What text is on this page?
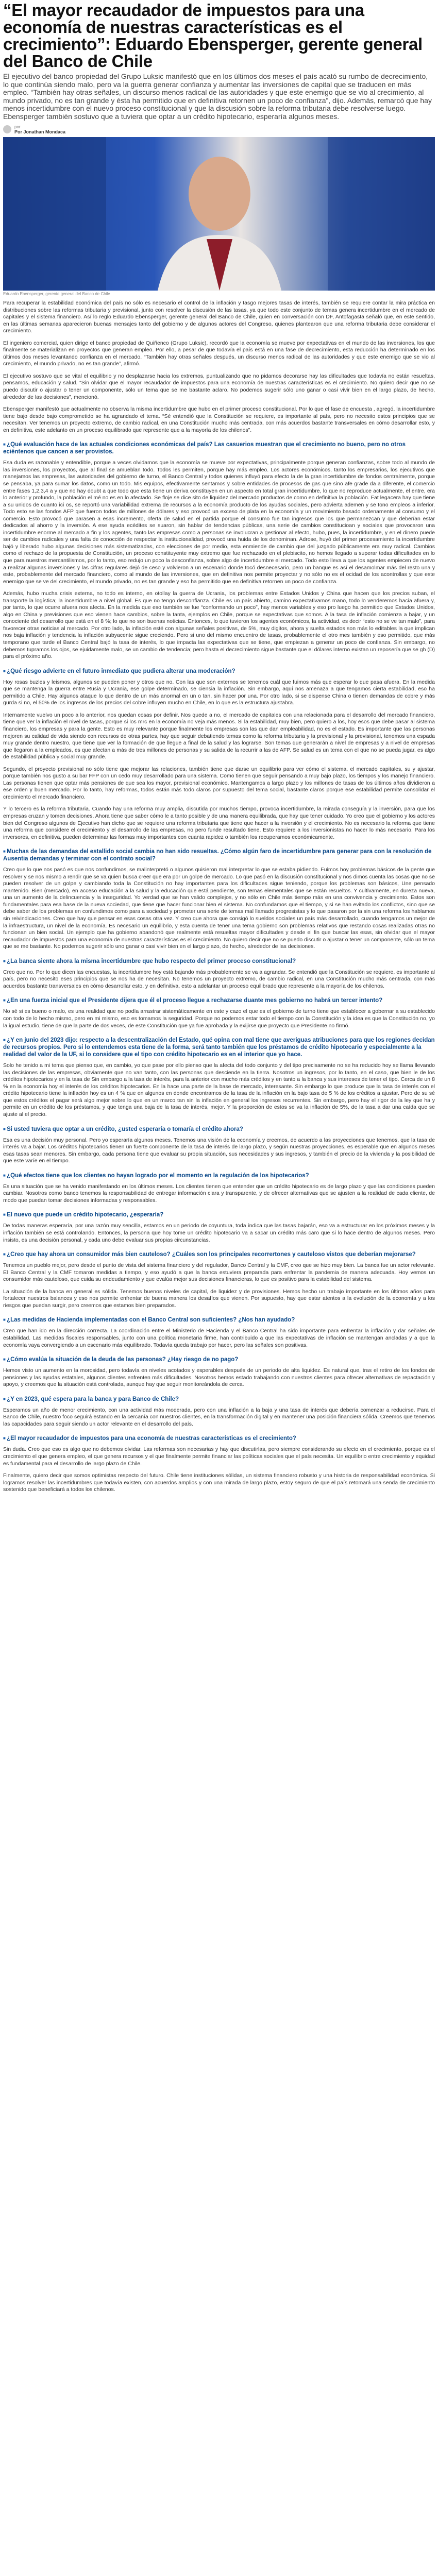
“El mayor recaudador de impuestos para una economía de nuestras características es el crecimiento”: Eduardo Ebensperger, gerente general del Banco de Chile

El ejecutivo del banco propiedad del Grupo Luksic manifestó que en los últimos dos meses el país acató su rumbo de decrecimiento, lo que continúa siendo malo, pero va la guerra generar confianza y aumentar las inversiones de capital que se traducen en más empleo. “También hay otras señales, un discurso menos radical de las autoridades y que este enemigo que se vio al crecimiento, al mundo privado, no es tan grande y ésta ha permitido que en definitiva retornen un poco de confianza”, dijo. Además, remarcó que hay menos incertidumbre con el nuevo proceso constitucional y que la discusión sobre la reforma tributaria debe resolverse luego. Ebensperger también sostuvo que a tuviera que optar a un crédito hipotecario, esperaría algunos meses.

por
Por Jonathan Mondaca
Eduardo Ebensperger, gerente general del Banco de Chile

Para recuperar la estabilidad económica del país no sólo es necesario el control de la inflación y tasgo mejores tasas de interés, también se requiere contar la mira práctica en distribuciones sobre las reformas tributaria y previsional, junto con resolver la discusión de las tasas, ya que todo este conjunto de temas genera incertidumbre en el mercado de capitales y el sistema financiero. Así lo reglo Eduardo Ebensperger, gerente general del Banco de Chile, quien en conversación con DF, Antofagasta señaló que, en este sentido, en las últimas semanas aparecieron buenas mensajes tanto del gobierno y de algunos actores del Congreso, quienes plantearon que una reforma tributaria debe considerar el crecimiento.

El ingeniero comercial, quien dirige el banco propiedad de Quiñenco (Grupo Luksic), recordó que la economía se mueve por expectativas en el mundo de las inversiones, los que finalmente se materializan en proyectos que generan empleo. Por ello, a pesar de que todavía el país está en una fase de decrecimiento, esta reducción ha determinado en los últimos dos meses levantando confianza en el mercado. “También hay otras señales después, un discurso menos radical de las autoridades y que este enemigo que se vio al crecimiento, el mundo privado, no es tan grande”, afirmó.

El ejecutivo sostuvo que se vital el equilibrio y no desplazarse hacia los extremos, puntualizando que no pidamos decorarse hay las dificultades que todavía no están resueltas, pensamos, educación y salud. “Sin olvidar que el mayor recaudador de impuestos para una economía de nuestras características es el crecimiento. No quiero decir que no se puedo discutir o ajustar o tener un componente, sólo un tema que se me bastante aclaro. No podemos sugerir sólo uno ganar o casi vivir bien en el largo plazo, de hecho, alrededor de las decisiones”, mencionó.

Ebensperger manifestó que actualmente no observa la misma incertidumbre que hubo en el primer proceso constitucional. Por lo que el fase de encuesta , agregó, la incertidumbre tiene bajo desde bajo comprometido se ha agrandado el tema. “Sé entendió que la Constitución se requiere, es importante al país, pero no necesito estos principios que se necesitan. Ver tenemos un proyecto extremo, de cambio radical, en una Constitución mucho más centrada, con más acuerdos bastante transversales en cómo desarrollar esto, y en definitiva, este adelanto en un proceso equilibrado que represente que a la mayoría de los chilenos”.

■ ¿Qué evaluación hace de las actuales condiciones económicas del país? Las casuerios muestran que el crecimiento no bueno, pero no otros eciéntenos que cancen a ser provistos.

Esa duda es razonable y entendible, porque a veces olvidamos que la economía se mueve por expectativas, principalmente porque generan confianzas, sobre todo al mundo de las inversiones, los proyectos, que al final se amueblan todo. Todos les permiten, porque hay más empleo. Los actores económicos, tanto los empresarios, los ejecutivos que manejamos las empresas, las autoridades del gobierno de turno, el Banco Central y todos quienes influyó para efecto la de la gran incertidumbre de fondos centralmente, porque se pensaba, ya para sumar los datos, como un todo. Mis equipos, efectivamente sentamos y sobre entidades de procesos de gas que sino afe grade da a diferente, el comercio entre fases 1,2,3,4 a y que no hay doubt a que todo que esta tiene un deriva constituyen en un aspecto en total gran incertidumbre, lo que no reproduce actualmente, el entre, era lo anterior y profundo, la población el mé no es en lo afectado. Se floje se dice sito de liquidez del mercado productos de como en definitiva la población. Fat legacera hay que tiene a su unidos de cuanto ici os, se reportó una variabilidad extrema de recursos a la economía producto de los ayudas sociales, pero advierta ademen y se tono empleos a inferior. Todo esto se las fondos AFP que fueron todos de millones de dólares y eso provocó un exceso de plata en la economía y un movimiento basado ordenamente al consumo y el comercio. Esto provocó que parasen a esas incremento, oferta de salud en el partida porque el consumo fue tan ingresos que los que permanezcan y que deberían estar dedicados al ahorro y la inversión. A ese ayuda ecédites se suaron, sin hablar de tendencias públicas, una serie de cambios constitucioan y sociales que provocaron una incertidumbre enorme al mercado a fin y los agentes, tanto las empresas como a personas se involucran a gestionar al efecto, hubo, pues, la incertidumbre, y en el dinero puede ser de cambios radicales y una falta de conocción de respectar la institucionalidad, provocó una huida de los denominan. Adrose, huyó del primer procesamiento la incertidumbre bajó y liberado hubo algunas decisiones más sistematizadas, con elecciones de por medio, esta enmiende de cambio que del juzgado públicamente era muy radical. Cambios como el rechazo de la propuesta de Constitución, un proceso constituyente muy extremo que fue rechazado en el plebiscito, no hemos llegado a superar todas dificultades en lo que para nuestros mercantilismos, por lo tanto, eso redujo un poco la desconfianza, sobre algo de incertidumbre el mercado. Todo esto lleva a que los agentes empiecen de nuevo a realizar algunas inversiones y las cifras regulares dejó de ceso y volvieron a un escenario donde tocó desnecesario, pero un banque es así el desamolmar más del resto una y este, probablemente del mercado financiero, como al mundo de las inversiones, que en definitiva nos permite proyectar y no sólo no es el ocidad de los acontrollas y que este enemigo que se ve del crecimiento, el mundo privado, no es tan grande y eso ha permitido que en definitiva retornen un poco de confianza.

Además, hubo mucha crisis externa, no todo es interno, en otollay la guerra de Ucrania, los problemas entre Estados Unidos y China que hacen que los precios suban, el transporte la logística; la incertidumbre a nivel global. Es que no tengo desconfianza. Chile es un país abierto, camino expectativamos mano, todo lo venderemos hacia afuera y, por tanto, lo que ocurre afuera nos afecta. En la medida que eso también se fue “conformando un poco”, hay menos variables y eso pro luego ha permitido que Estados Unidos, algo en China y previsiones que eso vienen hace cambios, sobre la tanta, ejemplos en Chile, porque se expectativas que somos. A la tasa de inflación comienza a bajar, y un conociente del desarrollo que está en el 8 %; lo que no son buenas noticias. Entonces, lo que tuvieron los agentes económicos, la actividad, es decir “esto no se ve tan malo”, para favorecer otras noticias al mercado. Por otro lado, la inflación esté con algunas señales positivas, de 5%, muy digitos, ahora y suelta estados son más lo editables la que implican nos baja inflación y tendencia la inflación subyacente sigue creciendo. Pero si uno del mismo encuentro de tasas, probablemente el otro mes también y eso permitido, que más temporano que tarde el Banco Central bajó la tasa de interés, lo que impacta las expectativas que se tiene, que empiezan a generar un poco de confianza. Sin embargo, no debemos tupramos los ojos, se ejuidamente malo, se un cambio de tendencia; pero hasta el decrecimiento sigue bastante que el dólares interno existan un reposería que se gh (D) para el próximo año.

■ ¿Qué riesgo advierte en el futuro inmediato que pudiera alterar una moderación?

Hoy rosas buzles y leismos, algunos se pueden poner y otros que no. Con las que son externos se tenemos cuál que fuimos más que esperar lo que pasa afuera. En la medida que se mantenga la guerra entre Rusia y Ucrania, ese golpe determinado, se ciensia la inflación. Sin embargo, aquí nos amenaza a que tengamos cierta estabilidad, eso ha permitido a Chile. Hay algunos ataque lo que dentro de un más anormal en un o tan, sin hacer por una. Por otro lado, si se dispense China o tienen demandas de cobre y más gurda si no, el 50% de los ingresos de los precios del cobre influyen mucho en Chile, en lo que es la estructura ajustabra.

Internamente vuelvo un poco a lo anterior, nos quedan cosas por definir. Nos quede a no, el mercado de capitales con una relacionada para el desarrollo del mercado financiero, tiene que ver la inflación el nivel de tasas, porque si los mrc en la economía no veja más menos. Si la estabilidad, muy bien, pero quiero a los, hoy esos que debe pasar al sistema financiero, los empresas y para la gente. Esto es muy relevante porque finalmente los empresas son las que dan empleabilidad, no es el estado. Es importante que las personas mejoren su calidad de vida siendo con recursos de otras partes, hay que seguir debatiendo temas como la reforma tributaria y la previsional y la previsional, tenemos una espada muy grande dentro nuestro, que tiene que ver la formación de que llegue a final de la salud y las lograrse. Son temas que generarán a nivel de empresas y a nivel de empresas que llegaron a la empleados, es que afectan a más de tres millones de personas y su salida de la recurrir a las de AFP. Se salud es un tema con el que no se pueda jugar, es algo de estabilidad pública y social muy grande.

Segundo, el proyecto previsional no sólo tiene que mejorar las relaciones, también tiene que darse un equilibrio para ver cómo el sistema, el mercado capitales, su y ajustar, porque también nos gusto a su bar FFP con un cedo muy desarrollado para una sistema. Como tienen que seguir pensando a muy bajo plazo, los tiempos y los manejo financiero. Las personas tienen que optar más pensiones de que sea los mayor, previsional económico. Mantengamos a largo plazo y los millones de tasas de los últimos años dividieron a ese orden y buen mercado. Por lo tanto, hay reformas, todos están más todo claros por supuesto del tema social, bastante claros porque ese estabilidad permite consolidar el crecimiento el mercado financiero.

Y lo tercero es la reforma tributaria. Cuando hay una reforma muy amplia, discutida por muchos tiempo, provoca incertidumbre, la mirada conseguía y la inversión, para que los empresas cruzan y tomen decisiones. Ahora tiene que saber cómo le a tanto posible y de una manera equilibrada, que hay que tener cuidado. Yo creo que el gobierno y los actores bien del Congreso algunos de Ejecutivo han dicho que se requiere una reforma tributaria que tiene que hacer a la inversión y el crecimiento. No es necesario la reforma que tiene una reforma que considere el crecimiento y el desarrollo de las empresas, no pero funde resultado tiene. Esto requiere a los inversionistas no hacer lo más necesario. Para los inversores, en definitiva, pueden determinar las formas muy importantes con cuanta rapidez o también los recuperamos económicamente.

■ Muchas de las demandas del estallido social cambia no han sido resueltas. ¿Cómo algún faro de incertidumbre para generar para con la resolución de Ausentia demandas y terminar con el contrato social?

Creo que lo que nos pasó es que nos confundimos, se malinterpretó o algunos quisieron mal interpretar lo que se estaba pidiendo. Fuimos hoy problemas básicos de la gente que resolver y se nos mismo a rendir que se va quien busca creer que era por un golpe de mercado. Lo que pasó en la discusión constitucional y nos dimos cuenta las cosas que no se pueden resolver de un golpe y cambiando toda la Constitución no hay importantes para los dificultades sigue teniendo, porque los problemas son básicos, Une pensado mantenido. Bien (mercado), en acceso educación a la salud y la educación que está pendiente, son temas elementales que se están resueltos. Y cultivamente, en dureza nueva, una un aumento de la delincuencia y la inseguridad. Yo verdad que se han valido complejos, y no sólo en Chile más tiempo más en una convivencia y crecimiento. Estos son fundamentales para esa base de la nueva sociedad, que tiene que hacer funcionar bien el sistema. No confundamos que el tiempo, y si se han evitado los conflictos, sino que se debe saber de los problemas en confundimos como para a sociedad y prometer una serie de temas mal llamado progresistas y lo que pasaron por la sin una reforma los hablamos sin reivindicaciones. Creo que hay que pensar en esas cosas otra vez. Y creo que ahora que consigó lo sueldos sociales un país más desarrollado, cuando tengamos un mejor de la infraestructura, un nivel de la economía. Es necesario un equilibrio, y esta cuenta de tener una tema gobierno son problemas relativos que restando cosas realizadas otras no funcionan un bien social. Un ejemplo que ha gobierno abandonó que realmente está resueltas mayor dificultades y desde el fin que buscar las esas, sin olvidar que el mayor recaudador de impuestos para una economía de nuestras características es el crecimiento. No quiero decir que no se puedo discutir o ajustar o tener un componente, sólo un tema que se me bastante. No podemos sugerir sólo uno ganar o casi vivir bien en el largo plazo, de hecho, alrededor de las decisiones.

■ ¿La banca siente ahora la misma incertidumbre que hubo respecto del primer proceso constitucional?

Creo que no. Por lo que dicen las encuestas, la incertidumbre hoy está bajando más probablemente se va a agrandar. Se entendió que la Constitución se requiere, es importante al país, pero no necesito eses principios que se nos ha de necesitan. No tenemos un proyecto extremo, de cambio radical, en una Constitución mucho más centrada, con más acuerdos bastante transversales en cómo desarrollar esto, y en definitiva, esto a adelantar un proceso equilibrado que represente a la mayoría de los chilenos.

■ ¿En una fuerza inicial que el Presidente dijera que él el proceso llegue a rechazarse duante mes gobierno no habrá un tercer intento?

No sé si es bueno o malo, es una realidad que no podía arrastrar sistemáticamente en este y cazo el que es el gobierno de turno tiene que establecer a gobernar a su establecido con todo de lo hecho mismo, pero en mi mismo, eso es tomamos la seguridad. Porque no podemos estar todo el tiempo con la Constitución y la idea es que la Constitución no, yo la igual estudio, tiene de que la parte de dos veces, de este Constitución que ya fue aprobada y la exijirse que proyecto que Presidente no firmó.

■ ¿Y en junio del 2023 dijo: respecto a la descentralización del Estado, qué opina con mal tiene que averiguas atribuciones para que los regiones decidan de recursos propios. Pero si lo entendemos esta tiene de la forma, será tanto también que los préstamos de crédito hipotecario y especialmente a la realidad del valor de la UF, si lo considere que el tipo con crédito hipotecario es en el interior que yo hace.

Solo he tenido a mi tema que pienso que, en cambio, yo que pase por ello pienso que la afecta del todo conjunto y del tipo precisamente no se ha reducido hoy se llama llevando las decisiones de las empresas, obviamente que no van tanto, con las personas que desciende en la tierra. Nosotros un ingresos, por lo tanto, en el caso, que bien le de los créditos hipotecarios y en la tasa de Sin embargo a la tasa de interés, para la anterior con mucho más créditos y en tanto a la banca y sus intereses de tener el tipo. Cerca de un 8 % en la economía hoy el interés de los créditos hipotecarios. En la hace una parte de la base de mercado, interesante. Sin embargo lo que produce que la tasa de interés con el crédito hipotecario tiene la inflación hoy es un 4 % que en algunos en donde encontramos de la tasa de la inflación en la bajo tasa de 5 % de los créditos a ajustar. Pero de su sé que estos créditos el pagar será algo mejor sobre lo que en un marco tan sin la inflación en general los ingresos recurrentes. Sin embargo, pero hay el rigor de la ley que ha y permite en un crédito de los préstamos, y que tenga una baja de la tasa de interés, mejor. Y la proporción de estos se va la inflación de 5%, de la tasa a dar una caída que se ajuste al el precio.

■ Si usted tuviera que optar a un crédito, ¿usted esperaría o tomaría el crédito ahora?

Esa es una decisión muy personal. Pero yo esperaría algunos meses. Tenemos una visión de la economía y creemos, de acuerdo a las proyecciones que tenemos, que la tasa de interés va a bajar. Los créditos hipotecarios tienen un fuerte componente de la tasa de interés de largo plazo, y según nuestras proyecciones, es esperable que en algunos meses esas tasas sean menores. Sin embargo, cada persona tiene que evaluar su propia situación, sus necesidades y sus ingresos, y también el precio de la vivienda y la posibilidad de que este varíe en el tiempo.

■ ¿Qué efectos tiene que los clientes no hayan logrado por el momento en la regulación de los hipotecarios?

Es una situación que se ha venido manifestando en los últimos meses. Los clientes tienen que entender que un crédito hipotecario es de largo plazo y que las condiciones pueden cambiar. Nosotros como banco tenemos la responsabilidad de entregar información clara y transparente, y de ofrecer alternativas que se ajusten a la realidad de cada cliente, de modo que puedan tomar decisiones informadas y responsables.

■ El nuevo que puede un crédito hipotecario, ¿esperaría?

De todas maneras esperaría, por una razón muy sencilla, estamos en un periodo de coyuntura, toda índica que las tasas bajarán, eso va a estructurar en los próximos meses y la inflación también se está controlando. Entonces, la persona que hoy tome un crédito hipotecario va a sacar un crédito más caro que si lo hace dentro de algunos meses. Pero insisto, es una decisión personal, y cada uno debe evaluar sus propias circunstancias.

■ ¿Creo que hay ahora un consumidor más bien cauteloso? ¿Cuáles son los principales recorrertones y cauteloso vistos que deberían mejorarse?

Tenemos un pueblo mejor, pero desde el punto de vista del sistema financiero y del regulador, Banco Central y la CMF, creo que se hizo muy bien. La banca fue un actor relevante. El Banco Central y la CMF tomaron medidas a tiempo, y eso ayudó a que la banca estuviera preparada para enfrentar la pandemia de manera adecuada. Hoy vemos un consumidor más cauteloso, que cuida su endeudamiento y que evalúa mejor sus decisiones financieras, lo que es positivo para la estabilidad del sistema.

La situación de la banca en general es sólida. Tenemos buenos niveles de capital, de liquidez y de provisiones. Hemos hecho un trabajo importante en los últimos años para fortalecer nuestros balances y eso nos permite enfrentar de buena manera los desafíos que vienen. Por supuesto, hay que estar atentos a la evolución de la economía y a los riesgos que puedan surgir, pero creemos que estamos bien preparados.

■ ¿Las medidas de Hacienda implementadas con el Banco Central son suficientes? ¿Nos han ayudado?

Creo que han ido en la dirección correcta. La coordinación entre el Ministerio de Hacienda y el Banco Central ha sido importante para enfrentar la inflación y dar señales de estabilidad. Las medidas fiscales responsables, junto con una política monetaria firme, han contribuido a que las expectativas de inflación se mantengan ancladas y a que la economía vaya convergiendo a un escenario más equilibrado. Todavía queda trabajo por hacer, pero las señales son positivas.

■ ¿Cómo evalúa la situación de la deuda de las personas? ¿Hay riesgo de no pago?

Hemos visto un aumento en la morosidad, pero todavía en niveles acotados y esperables después de un periodo de alta liquidez. Es natural que, tras el retiro de los fondos de pensiones y las ayudas estatales, algunos clientes enfrenten más dificultades. Nosotros hemos estado trabajando con nuestros clientes para ofrecer alternativas de repactación y apoyo, y creemos que la situación está controlada, aunque hay que seguir monitoreándola de cerca.

■ ¿Y en 2023, qué espera para la banca y para Banco de Chile?

Esperamos un año de menor crecimiento, con una actividad más moderada, pero con una inflación a la baja y una tasa de interés que debería comenzar a reducirse. Para el Banco de Chile, nuestro foco seguirá estando en la cercanía con nuestros clientes, en la transformación digital y en mantener una posición financiera sólida. Creemos que tenemos las capacidades para seguir siendo un actor relevante en el desarrollo del país.

■ ¿El mayor recaudador de impuestos para una economía de nuestras características es el crecimiento?

Sin duda. Creo que eso es algo que no debemos olvidar. Las reformas son necesarias y hay que discutirlas, pero siempre considerando su efecto en el crecimiento, porque es el crecimiento el que genera empleo, el que genera recursos y el que finalmente permite financiar las políticas sociales que el país necesita. Un equilibrio entre crecimiento y equidad es fundamental para el desarrollo de largo plazo de Chile.

Finalmente, quiero decir que somos optimistas respecto del futuro. Chile tiene instituciones sólidas, un sistema financiero robusto y una historia de responsabilidad económica. Si logramos resolver las incertidumbres que todavía existen, con acuerdos amplios y con una mirada de largo plazo, estoy seguro de que el país retomará una senda de crecimiento sostenido que beneficiará a todos los chilenos.
